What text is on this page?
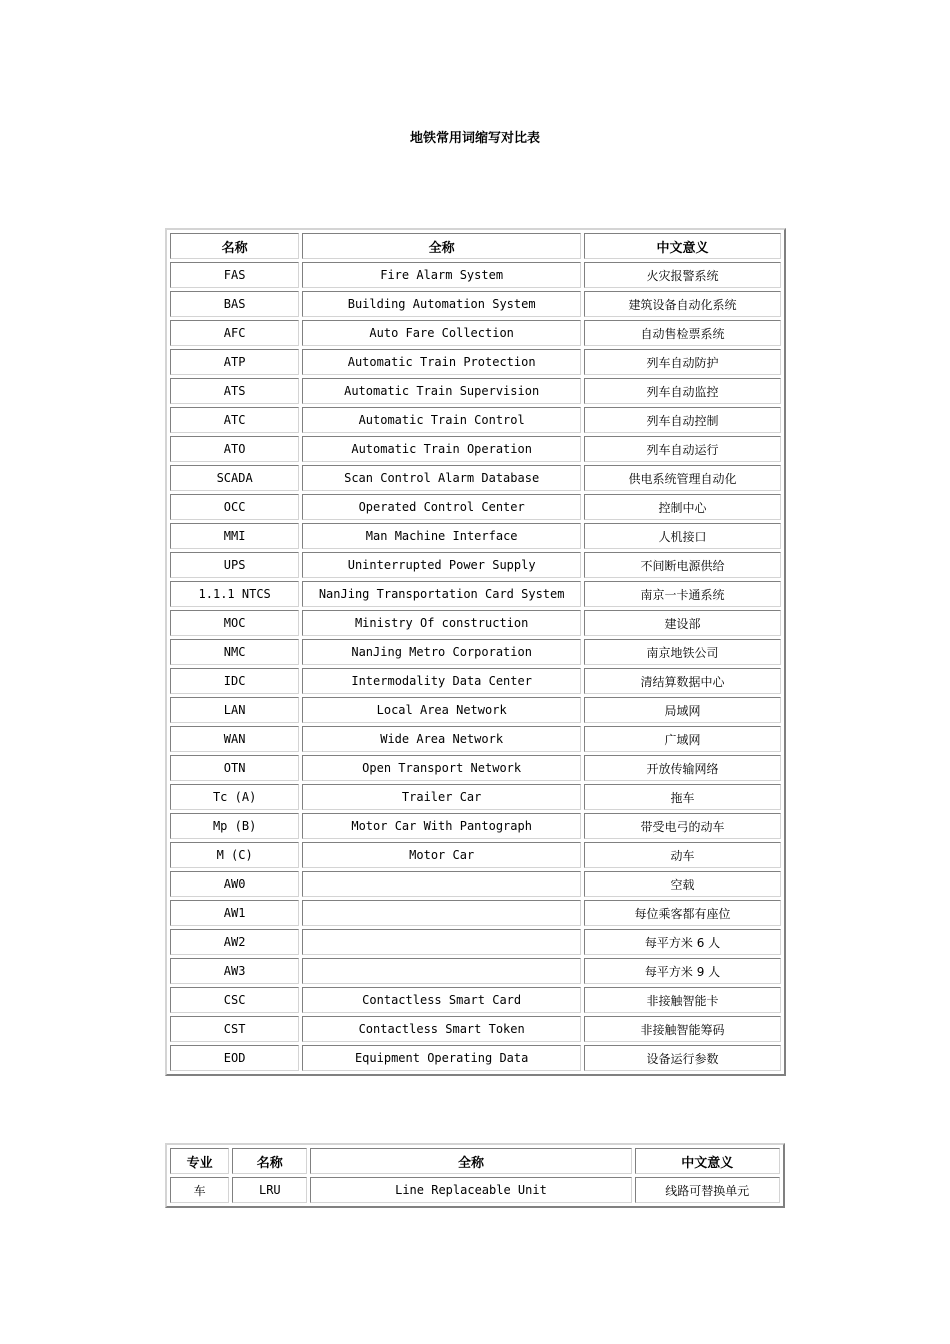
地铁常用词缩写对比表
名称	全称	中文意义
FAS	Fire Alarm System	火灾报警系统
BAS	Building Automation System	建筑设备自动化系统
AFC	Auto Fare Collection	自动售检票系统
ATP	Automatic Train Protection	列车自动防护
ATS	Automatic Train Supervision	列车自动监控
ATC	Automatic Train Control	列车自动控制
ATO	Automatic Train Operation	列车自动运行
SCADA	Scan Control Alarm Database	供电系统管理自动化
OCC	Operated Control Center	控制中心
MMI	Man Machine Interface	人机接口
UPS	Uninterrupted Power Supply	不间断电源供给
1.1.1 NTCS	NanJing Transportation Card System	南京一卡通系统
MOC	Ministry Of construction	建设部
NMC	NanJing Metro Corporation	南京地铁公司
IDC	Intermodality Data Center	清结算数据中心
LAN	Local Area Network	局域网
WAN	Wide Area Network	广域网
OTN	Open Transport Network	开放传输网络
Tc (A)	Trailer Car	拖车
Mp (B)	Motor Car With Pantograph	带受电弓的动车
M (C)	Motor Car	动车
AW0		空载
AW1		每位乘客都有座位
AW2		每平方米 6 人
AW3		每平方米 9 人
CSC	Contactless Smart Card	非接触智能卡
CST	Contactless Smart Token	非接触智能筹码
EOD	Equipment Operating Data	设备运行参数
专业	名称	全称	中文意义
车	LRU	Line Replaceable Unit	线路可替换单元
